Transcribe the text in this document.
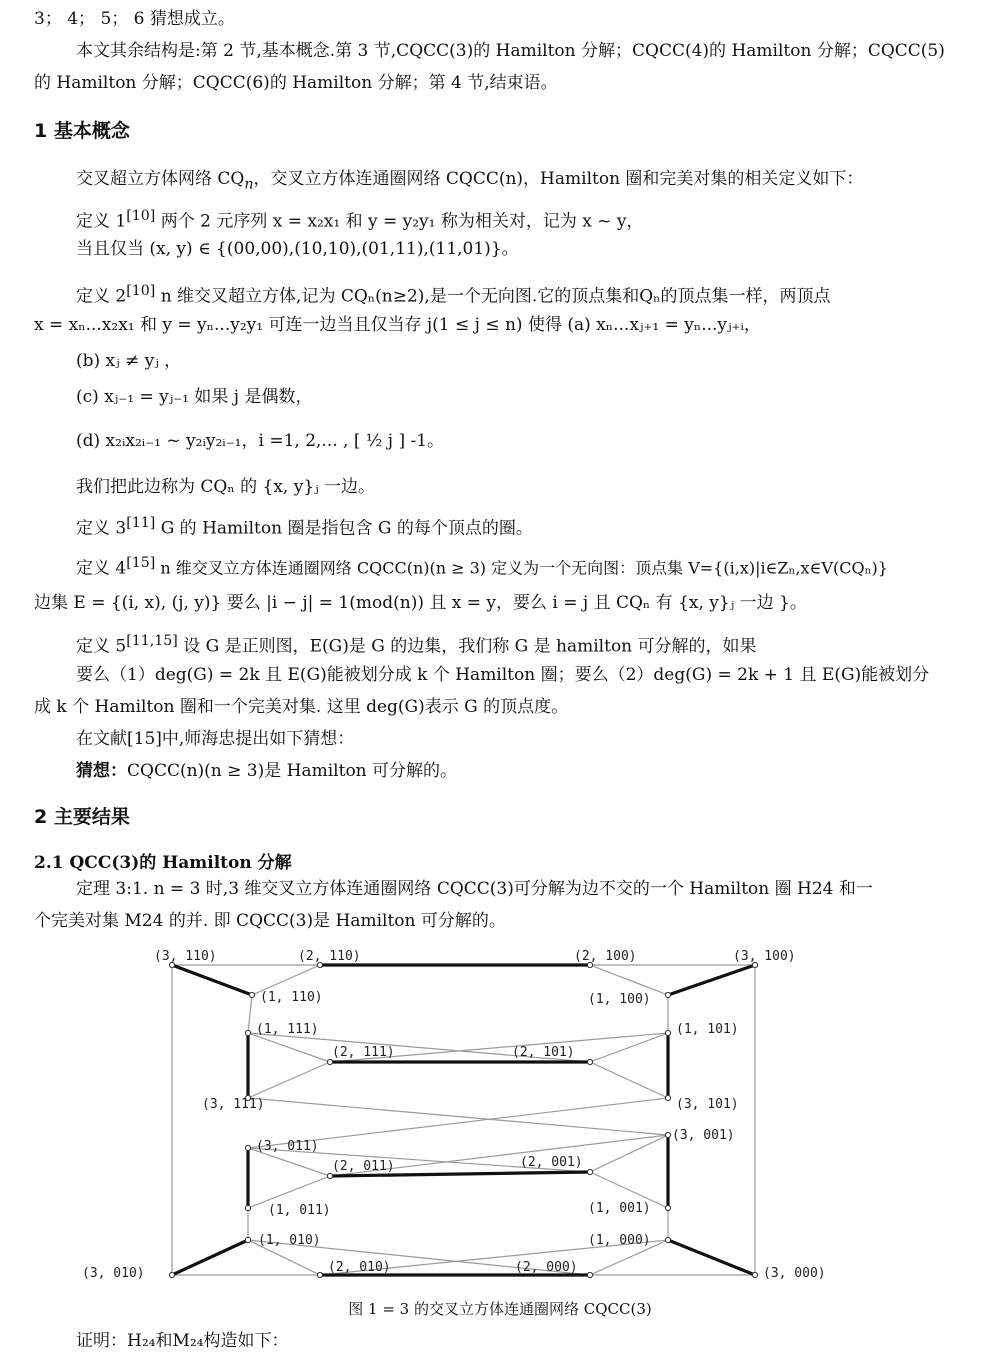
3； 4； 5； 6 猜想成立。
本文其余结构是:第 2 节,基本概念.第 3 节,CQCC(3)的 Hamilton 分解；CQCC(4)的 Hamilton 分解；CQCC(5)
的 Hamilton 分解；CQCC(6)的 Hamilton 分解；第 4 节,结束语。
1 基本概念
交叉超立方体网络 $CQ_n$，交叉立方体连通圈网络 CQCC(n)，Hamilton 圈和完美对集的相关定义如下：
定义 1[10] 两个 2 元序列 x = x₂x₁ 和 y = y₂y₁ 称为相关对，记为 x ~ y，
当且仅当 (x, y) ∈ {(00,00),(10,10),(01,11),(11,01)}。
定义 2[10] n 维交叉超立方体,记为 CQₙ(n≥2),是一个无向图.它的顶点集和Qₙ的顶点集一样，两顶点
x = xₙ...x₂x₁ 和 y = yₙ...y₂y₁ 可连一边当且仅当存 j(1 ≤ j ≤ n) 使得 (a) xₙ...xⱼ₊₁ = yₙ...yⱼ₊ᵢ，
(b) xⱼ ≠ yⱼ ，
(c) xⱼ₋₁ = yⱼ₋₁ 如果 j 是偶数，
(d) x₂ᵢx₂ᵢ₋₁ ~ y₂ᵢy₂ᵢ₋₁，i =1, 2,... , [ ½ j ] -1。
我们把此边称为 CQₙ 的 {x, y}ⱼ 一边。
定义 3[11] G 的 Hamilton 圈是指包含 G 的每个顶点的圈。
定义 4[15] n 维交叉立方体连通圈网络 CQCC(n)(n ≥ 3) 定义为一个无向图：顶点集 V={(i,x)|i∈Zₙ,x∈V(CQₙ)}
边集 E = {(i, x), (j, y)} 要么 |i − j| = 1(mod(n)) 且 x = y，要么 i = j 且 CQₙ 有 {x, y}ⱼ 一边 }。
定义 5[11,15] 设 G 是正则图，E(G)是 G 的边集，我们称 G 是 hamilton 可分解的，如果
要么（1）deg(G) = 2k 且 E(G)能被划分成 k 个 Hamilton 圈；要么（2）deg(G) = 2k + 1 且 E(G)能被划分
成 k 个 Hamilton 圈和一个完美对集. 这里 deg(G)表示 G 的顶点度。
在文献[15]中,师海忠提出如下猜想：
猜想：CQCC(n)(n ≥ 3)是 Hamilton 可分解的。
2 主要结果
2.1 QCC(3)的 Hamilton 分解
定理 3:1. n = 3 时,3 维交叉立方体连通圈网络 CQCC(3)可分解为边不交的一个 Hamilton 圈 H24 和一
个完美对集 M24 的并. 即 CQCC(3)是 Hamilton 可分解的。
(3, 110)	(2, 110)	(2, 100)	(3, 100)
(1, 110)	(1, 100)
(1, 111)	(1, 101)
(2, 111)	(2, 101)
(3, 111)	(3, 101)
(3, 011)
(3, 001)
(2, 011)	(2, 001)
(1, 011)	(1, 001)
(1, 010)	(1, 000)
(3, 010)	(2, 010)	(2, 000)	(3, 000)
图 1 = 3 的交叉立方体连通圈网络 CQCC(3)
证明：H₂₄和M₂₄构造如下：
